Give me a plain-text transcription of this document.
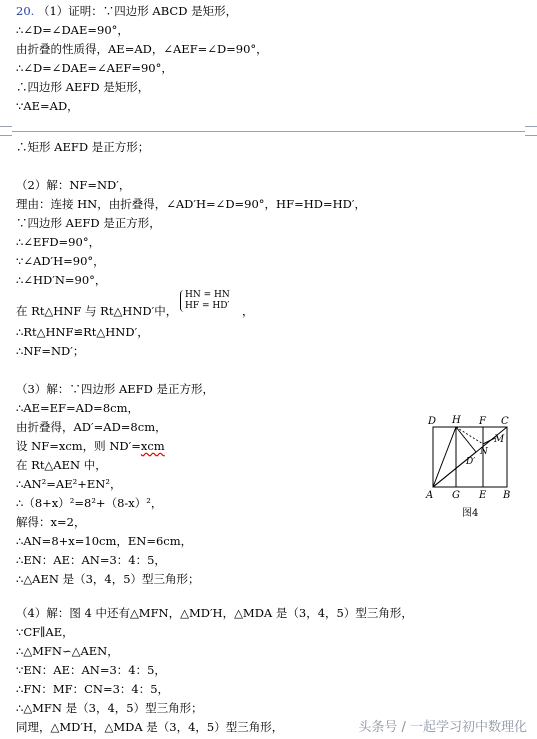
20. （1）证明：∵四边形 ABCD 是矩形，
∴∠D=∠DAE=90°，
由折叠的性质得，AE=AD，∠AEF=∠D=90°，
∴∠D=∠DAE=∠AEF=90°，
∴四边形 AEFD 是矩形，
∵AE=AD，
∴矩形 AEFD 是正方形；
（2）解：NF=ND′，
理由：连接 HN，由折叠得，∠AD′H=∠D=90°，HF=HD=HD′，
∵四边形 AEFD 是正方形，
∴∠EFD=90°，
∵∠AD′H=90°，
∴∠HD′N=90°，
在 Rt△HNF 与 Rt△HND′中，
HN = HN
HF = HD′ ，
∴Rt△HNF≌Rt△HND′，
∴NF=ND′；
（3）解：∵四边形 AEFD 是正方形，
∴AE=EF=AD=8cm，
由折叠得，AD′=AD=8cm，
设 NF=xcm，则 ND′=xcm
在 Rt△AEN 中，
∴AN²=AE²+EN²，
∴（8+x）²=8²+（8-x）²，
解得：x=2，
∴AN=8+x=10cm，EN=6cm，
∴EN：AE：AN=3：4：5，
∴△AEN 是（3，4，5）型三角形；
D H F C
M
N
D′
A G E B
图4
（4）解：图 4 中还有△MFN，△MD′H，△MDA 是（3，4，5）型三角形，
∵CF∥AE，
∴△MFN∽△AEN，
∵EN：AE：AN=3：4：5，
∴FN：MF：CN=3：4：5，
∴△MFN 是（3，4，5）型三角形；
同理，△MD′H，△MDA 是（3，4，5）型三角形，	头条号 / 一起学习初中数理化
